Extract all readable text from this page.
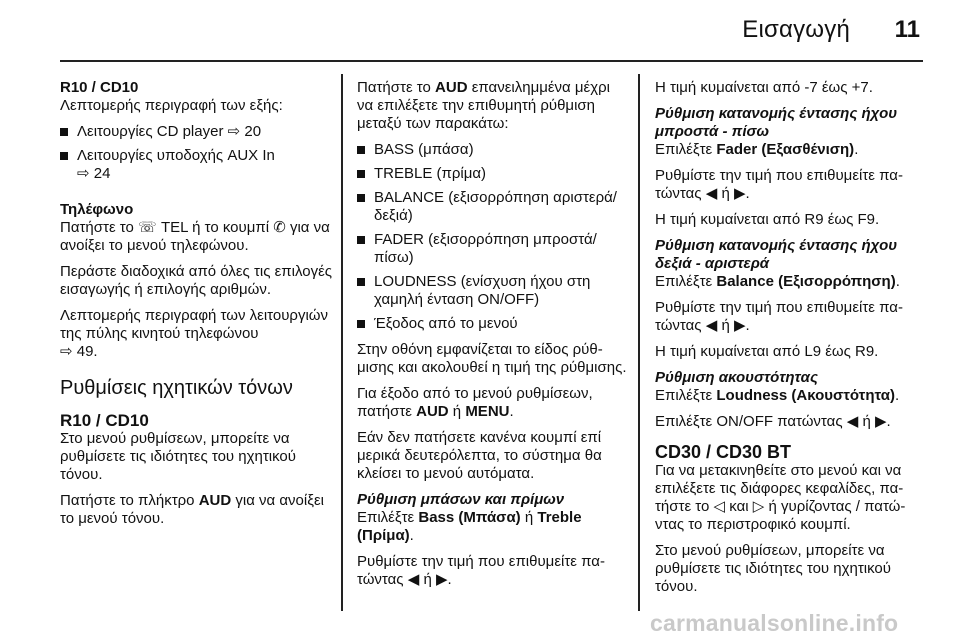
Εισαγωγή 11
R10 / CD10

Λεπτομερής περιγραφή των εξής:

Λειτουργίες CD player ⇨ 20
Λειτουργίες υποδοχής AUX In
⇨ 24
Τηλέφωνο

Πατήστε το ☏ TEL ή το κουμπί ✆ για να ανοίξει το μενού τηλεφώνου.

Περάστε διαδοχικά από όλες τις επιλογές εισαγωγής ή επιλογής αριθμών.

Λεπτομερής περιγραφή των λειτουργιών της πύλης κινητού τηλεφώνου
⇨ 49.

Ρυθμίσεις ηχητικών τόνων
R10 / CD10

Στο μενού ρυθμίσεων, μπορείτε να ρυθμίσετε τις ιδιότητες του ηχητικού τόνου.

Πατήστε το πλήκτρο AUD για να ανοίξει το μενού τόνου.

Πατήστε το AUD επανειλημμένα μέχρι να επιλέξετε την επιθυμητή ρύθμιση μεταξύ των παρακάτω:

BASS (μπάσα)
TREBLE (πρίμα)
BALANCE (εξισορρόπηση αριστερά/δεξιά)
FADER (εξισορρόπηση μπροστά/ πίσω)
LOUDNESS (ενίσχυση ήχου στη χαμηλή ένταση ON/OFF)
Έξοδος από το μενού

Στην οθόνη εμφανίζεται το είδος ρύθμισης και ακολουθεί η τιμή της ρύθμισης.

Για έξοδο από το μενού ρυθμίσεων, πατήστε AUD ή MENU.

Εάν δεν πατήσετε κανένα κουμπί επί μερικά δευτερόλεπτα, το σύστημα θα κλείσει το μενού αυτόματα.

Ρύθμιση μπάσων και πρίμων

Επιλέξτε Bass (Μπάσα) ή Treble (Πρίμα).

Ρυθμίστε την τιμή που επιθυμείτε πατώντας ◀ ή ▶.

Η τιμή κυμαίνεται από -7 έως +7.

Ρύθμιση κατανομής έντασης ήχου μπροστά - πίσω

Επιλέξτε Fader (Εξασθένιση).

Ρυθμίστε την τιμή που επιθυμείτε πατώντας ◀ ή ▶.

Η τιμή κυμαίνεται από R9 έως F9.

Ρύθμιση κατανομής έντασης ήχου δεξιά - αριστερά

Επιλέξτε Balance (Εξισορρόπηση).

Ρυθμίστε την τιμή που επιθυμείτε πατώντας ◀ ή ▶.

Η τιμή κυμαίνεται από L9 έως R9.

Ρύθμιση ακουστότητας

Επιλέξτε Loudness (Ακουστότητα).

Επιλέξτε ON/OFF πατώντας ◀ ή ▶.

CD30 / CD30 BT

Για να μετακινηθείτε στο μενού και να επιλέξετε τις διάφορες κεφαλίδες, πατήστε το ◁ και ▷ ή γυρίζοντας / πατώντας το περιστροφικό κουμπί.

Στο μενού ρυθμίσεων, μπορείτε να ρυθμίσετε τις ιδιότητες του ηχητικού τόνου.

carmanualsonline.info
